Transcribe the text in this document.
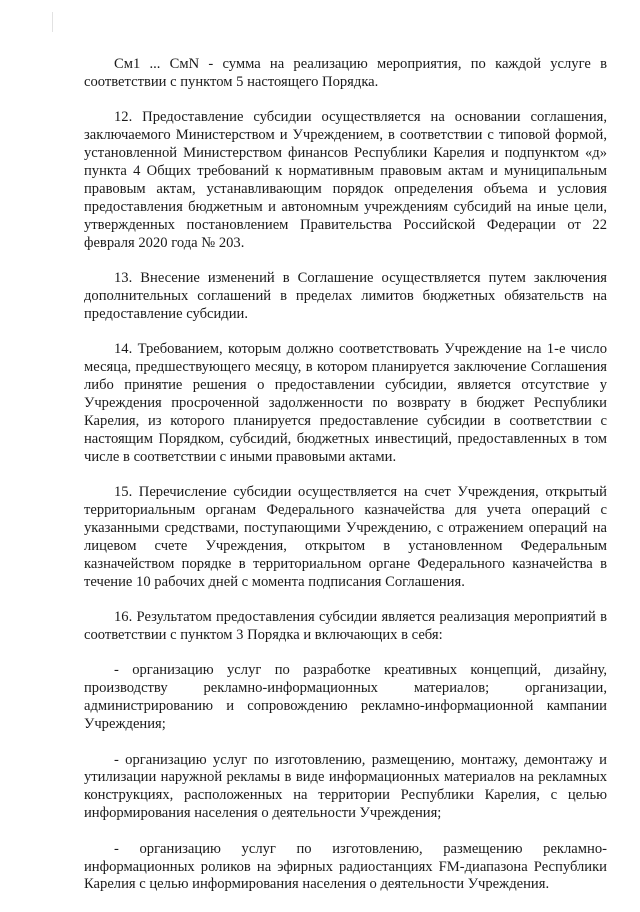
См1 ... СмN - сумма на реализацию мероприятия, по каждой услуге в соответствии с пунктом 5 настоящего Порядка.

12. Предоставление субсидии осуществляется на основании соглашения, заключаемого Министерством и Учреждением, в соответствии с типовой формой, установленной Министерством финансов Республики Карелия и подпунктом «д» пункта 4 Общих требований к нормативным правовым актам и муниципальным правовым актам, устанавливающим порядок определения объема и условия предоставления бюджетным и автономным учреждениям субсидий на иные цели, утвержденных постановлением Правительства Российской Федерации от 22 февраля 2020 года № 203.

13. Внесение изменений в Соглашение осуществляется путем заключения дополнительных соглашений в пределах лимитов бюджетных обязательств на предоставление субсидии.

14. Требованием, которым должно соответствовать Учреждение на 1-е число месяца, предшествующего месяцу, в котором планируется заключение Соглашения либо принятие решения о предоставлении субсидии, является отсутствие у Учреждения просроченной задолженности по возврату в бюджет Республики Карелия, из которого планируется предоставление субсидии в соответствии с настоящим Порядком, субсидий, бюджетных инвестиций, предоставленных в том числе в соответствии с иными правовыми актами.

15. Перечисление субсидии осуществляется на счет Учреждения, открытый территориальным органам Федерального казначейства для учета операций с указанными средствами, поступающими Учреждению, с отражением операций на лицевом счете Учреждения, открытом в установленном Федеральным казначейством порядке в территориальном органе Федерального казначейства в течение 10 рабочих дней с момента подписания Соглашения.

16. Результатом предоставления субсидии является реализация мероприятий в соответствии с пунктом 3 Порядка и включающих в себя:

- организацию услуг по разработке креативных концепций, дизайну, производству рекламно-информационных материалов; организации, администрированию и сопровождению рекламно-информационной кампании Учреждения;

- организацию услуг по изготовлению, размещению, монтажу, демонтажу и утилизации наружной рекламы в виде информационных материалов на рекламных конструкциях, расположенных на территории Республики Карелия, с целью информирования населения о деятельности Учреждения;

- организацию услуг по изготовлению, размещению рекламно-информационных роликов на эфирных радиостанциях FM-диапазона Республики Карелия с целью информирования населения о деятельности Учреждения.
